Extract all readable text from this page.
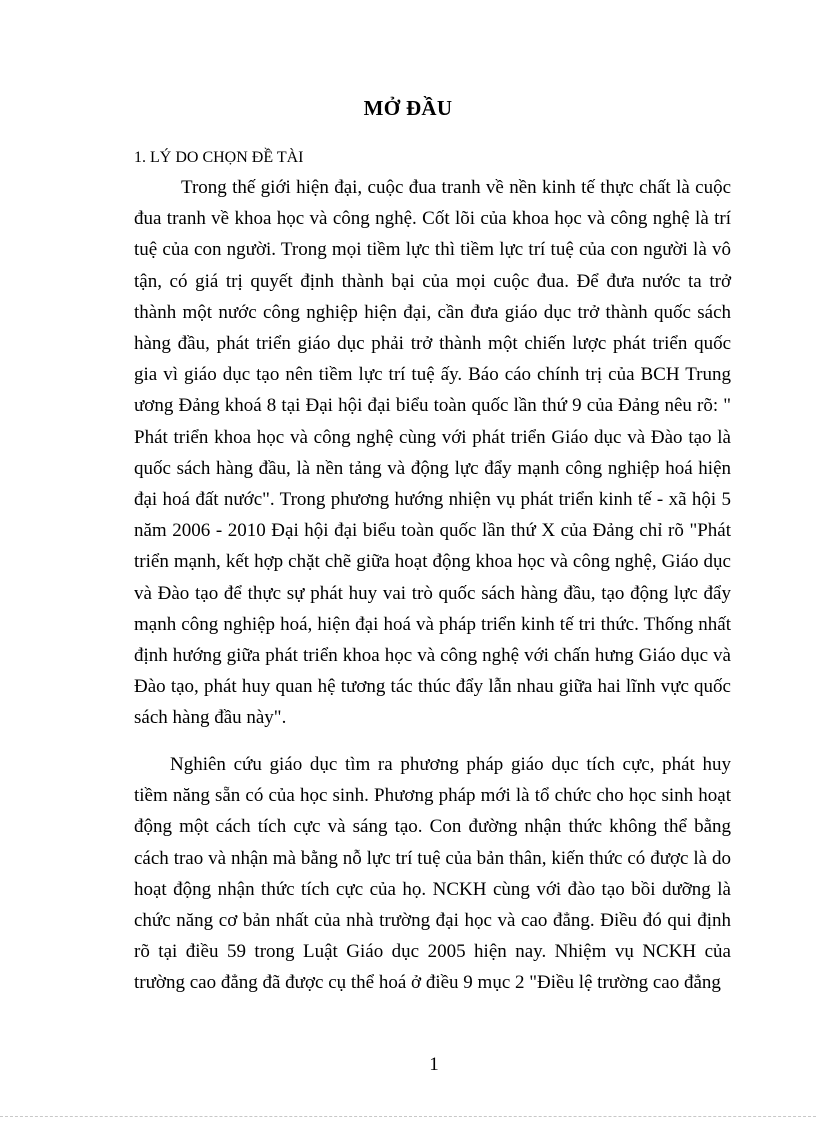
MỞ ĐẦU
1. LÝ DO CHỌN ĐỀ TÀI

Trong thế giới hiện đại, cuộc đua tranh về nền kinh tế thực chất là cuộc đua tranh về khoa học và công nghệ. Cốt lõi của khoa học và công nghệ là trí tuệ của con người. Trong mọi tiềm lực thì tiềm lực trí tuệ của con người là vô tận, có giá trị quyết định thành bại của mọi cuộc đua. Để đưa nước ta trở thành một nước công nghiệp hiện đại, cần đưa giáo dục trở thành quốc sách hàng đầu, phát triển giáo dục phải trở thành một chiến lược phát triển quốc gia vì giáo dục tạo nên tiềm lực trí tuệ ấy. Báo cáo chính trị của BCH Trung ương Đảng khoá 8 tại Đại hội đại biểu toàn quốc lần thứ 9 của Đảng nêu rõ: " Phát triển khoa học và công nghệ cùng với phát triển Giáo dục và Đào tạo là quốc sách hàng đầu, là nền tảng và động lực đẩy mạnh công nghiệp hoá hiện đại hoá đất nước". Trong phương hướng nhiện vụ phát triển kinh tế - xã hội 5 năm 2006 - 2010 Đại hội đại biểu toàn quốc lần thứ X của Đảng chỉ rõ "Phát triển mạnh, kết hợp chặt chẽ giữa hoạt động khoa học và công nghệ, Giáo dục và Đào tạo để thực sự phát huy vai trò quốc sách hàng đầu, tạo động lực đẩy mạnh công nghiệp hoá, hiện đại hoá và pháp triển kinh tế tri thức. Thống nhất định hướng giữa phát triển khoa học và công nghệ với chấn hưng Giáo dục và Đào tạo, phát huy quan hệ tương tác thúc đẩy lẫn nhau giữa hai lĩnh vực quốc sách hàng đầu này".

Nghiên cứu giáo dục tìm ra phương pháp giáo dục tích cực, phát huy tiềm năng sẵn có của học sinh. Phương pháp mới là tổ chức cho học sinh hoạt động một cách tích cực và sáng tạo. Con đường nhận thức không thể bằng cách trao và nhận mà bằng nỗ lực trí tuệ của bản thân, kiến thức có được là do hoạt động nhận thức tích cực của họ. NCKH cùng với đào tạo bồi dưỡng là chức năng cơ bản nhất của nhà trường đại học và cao đẳng. Điều đó qui định rõ tại điều 59 trong Luật Giáo dục 2005 hiện nay. Nhiệm vụ NCKH của trường cao đẳng đã được cụ thể hoá ở điều 9 mục 2 "Điều lệ trường cao đẳng

1
